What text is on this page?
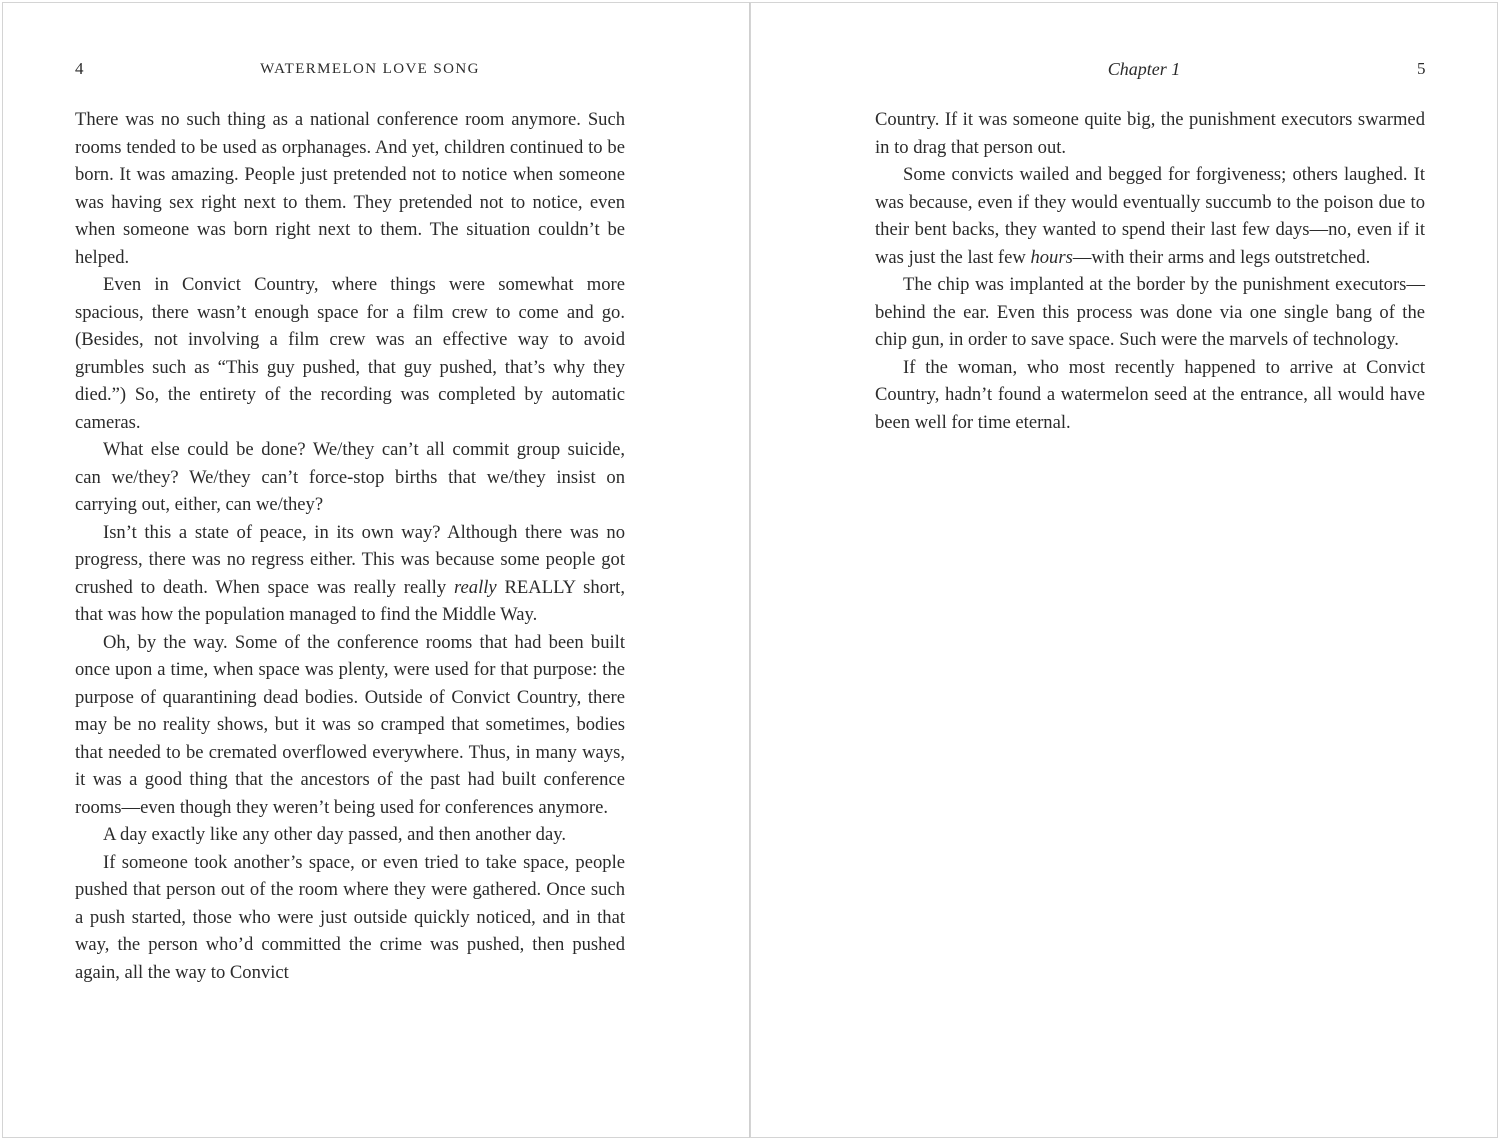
4	WATERMELON LOVE SONG

There was no such thing as a national conference room anymore. Such rooms tended to be used as orphanages. And yet, children continued to be born. It was amazing. People just pretended not to notice when someone was having sex right next to them. They pretended not to notice, even when someone was born right next to them. The situation couldn’t be helped.

Even in Convict Country, where things were somewhat more spacious, there wasn’t enough space for a film crew to come and go. (Besides, not involving a film crew was an effective way to avoid grumbles such as “This guy pushed, that guy pushed, that’s why they died.”) So, the entirety of the recording was completed by automatic cameras.

What else could be done? We/they can’t all commit group suicide, can we/they? We/they can’t force-stop births that we/they insist on carrying out, either, can we/they?

Isn’t this a state of peace, in its own way? Although there was no progress, there was no regress either. This was because some people got crushed to death. When space was really really really REALLY short, that was how the population managed to find the Middle Way.

Oh, by the way. Some of the conference rooms that had been built once upon a time, when space was plenty, were used for that purpose: the purpose of quarantining dead bodies. Outside of Convict Country, there may be no reality shows, but it was so cramped that sometimes, bodies that needed to be cremated overflowed everywhere. Thus, in many ways, it was a good thing that the ancestors of the past had built conference rooms—even though they weren’t being used for conferences anymore.

A day exactly like any other day passed, and then another day.

If someone took another’s space, or even tried to take space, people pushed that person out of the room where they were gathered. Once such a push started, those who were just outside quickly noticed, and in that way, the person who’d committed the crime was pushed, then pushed again, all the way to Convict

Chapter 1	5

Country. If it was someone quite big, the punishment executors swarmed in to drag that person out.

Some convicts wailed and begged for forgiveness; others laughed. It was because, even if they would eventually succumb to the poison due to their bent backs, they wanted to spend their last few days—no, even if it was just the last few hours—with their arms and legs outstretched.

The chip was implanted at the border by the punishment executors—behind the ear. Even this process was done via one single bang of the chip gun, in order to save space. Such were the marvels of technology.

If the woman, who most recently happened to arrive at Convict Country, hadn’t found a watermelon seed at the entrance, all would have been well for time eternal.
